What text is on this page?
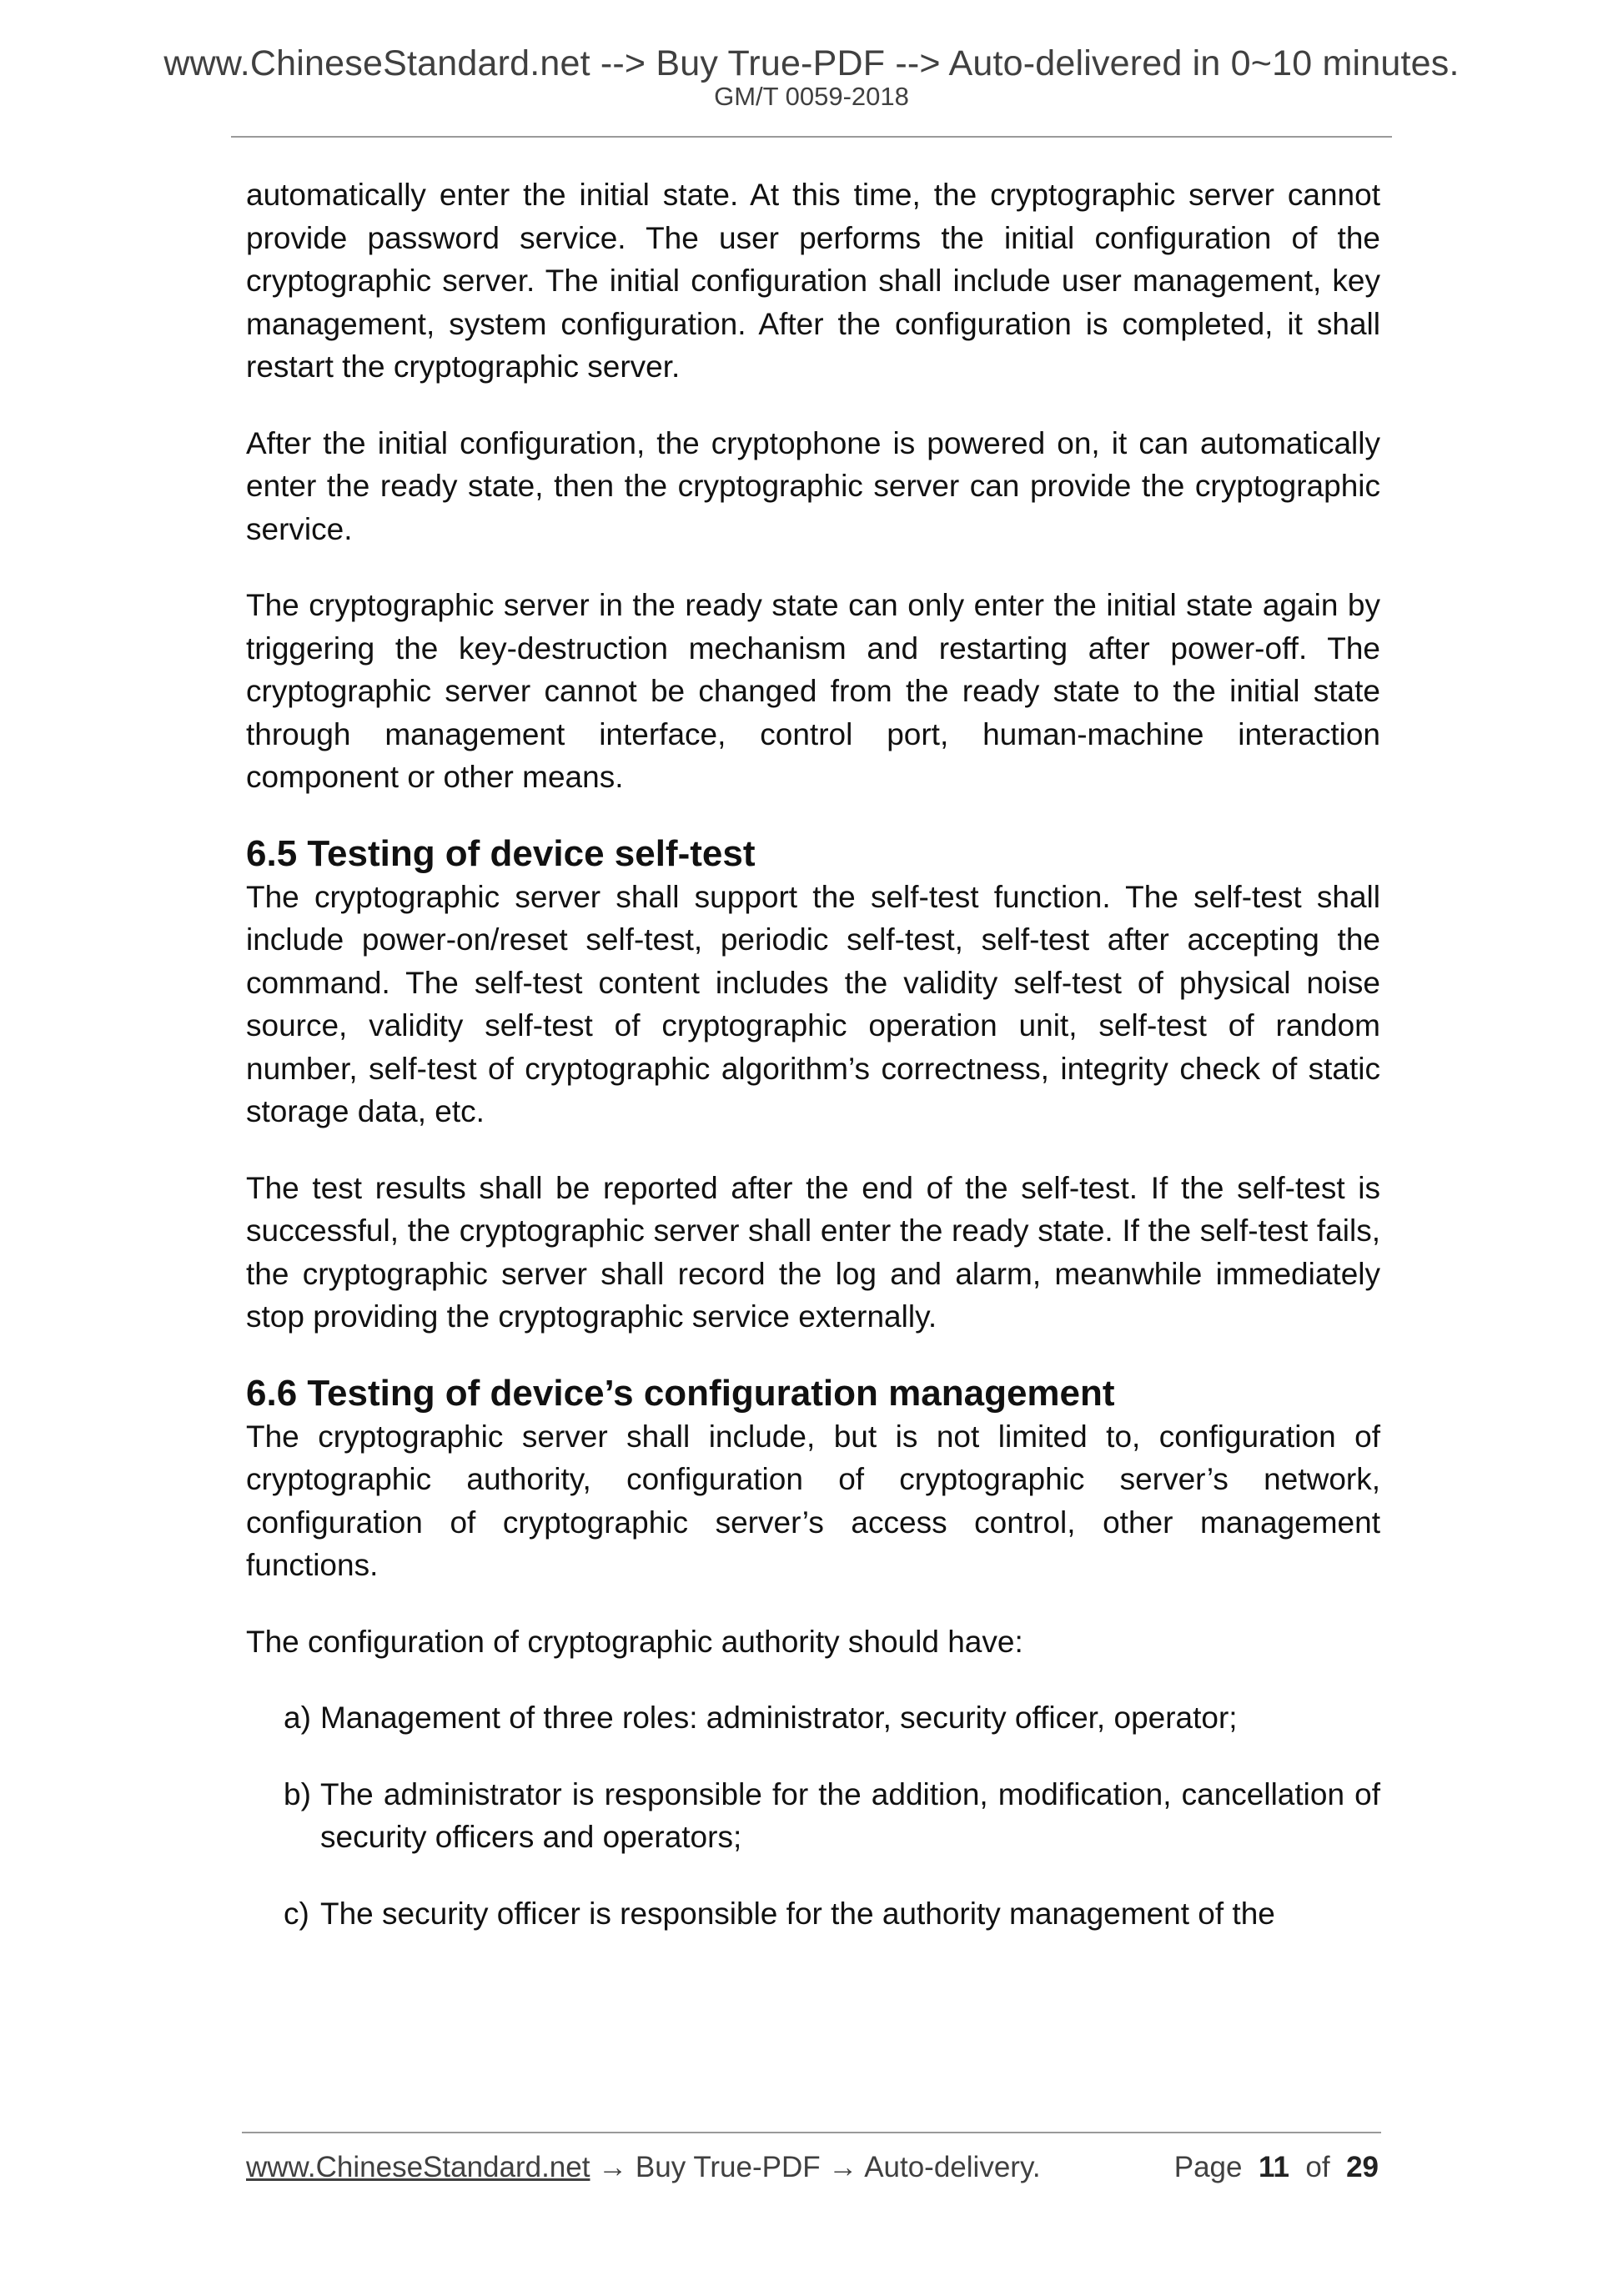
www.ChineseStandard.net --> Buy True-PDF --> Auto-delivered in 0~10 minutes.
GM/T 0059-2018

automatically enter the initial state. At this time, the cryptographic server cannot provide password service. The user performs the initial configuration of the cryptographic server. The initial configuration shall include user management, key management, system configuration. After the configuration is completed, it shall restart the cryptographic server.

After the initial configuration, the cryptophone is powered on, it can automatically enter the ready state, then the cryptographic server can provide the cryptographic service.

The cryptographic server in the ready state can only enter the initial state again by triggering the key-destruction mechanism and restarting after power-off. The cryptographic server cannot be changed from the ready state to the initial state through management interface, control port, human-machine interaction component or other means.

6.5 Testing of device self-test

The cryptographic server shall support the self-test function. The self-test shall include power-on/reset self-test, periodic self-test, self-test after accepting the command. The self-test content includes the validity self-test of physical noise source, validity self-test of cryptographic operation unit, self-test of random number, self-test of cryptographic algorithm’s correctness, integrity check of static storage data, etc.

The test results shall be reported after the end of the self-test. If the self-test is successful, the cryptographic server shall enter the ready state. If the self-test fails, the cryptographic server shall record the log and alarm, meanwhile immediately stop providing the cryptographic service externally.

6.6 Testing of device’s configuration management

The cryptographic server shall include, but is not limited to, configuration of cryptographic authority, configuration of cryptographic server’s network, configuration of cryptographic server’s access control, other management functions.

The configuration of cryptographic authority should have:

a) Management of three roles: administrator, security officer, operator;
b) The administrator is responsible for the addition, modification, cancellation of security officers and operators;
c) The security officer is responsible for the authority management of the
www.ChineseStandard.net → Buy True-PDF → Auto-delivery.	Page 11 of 29
